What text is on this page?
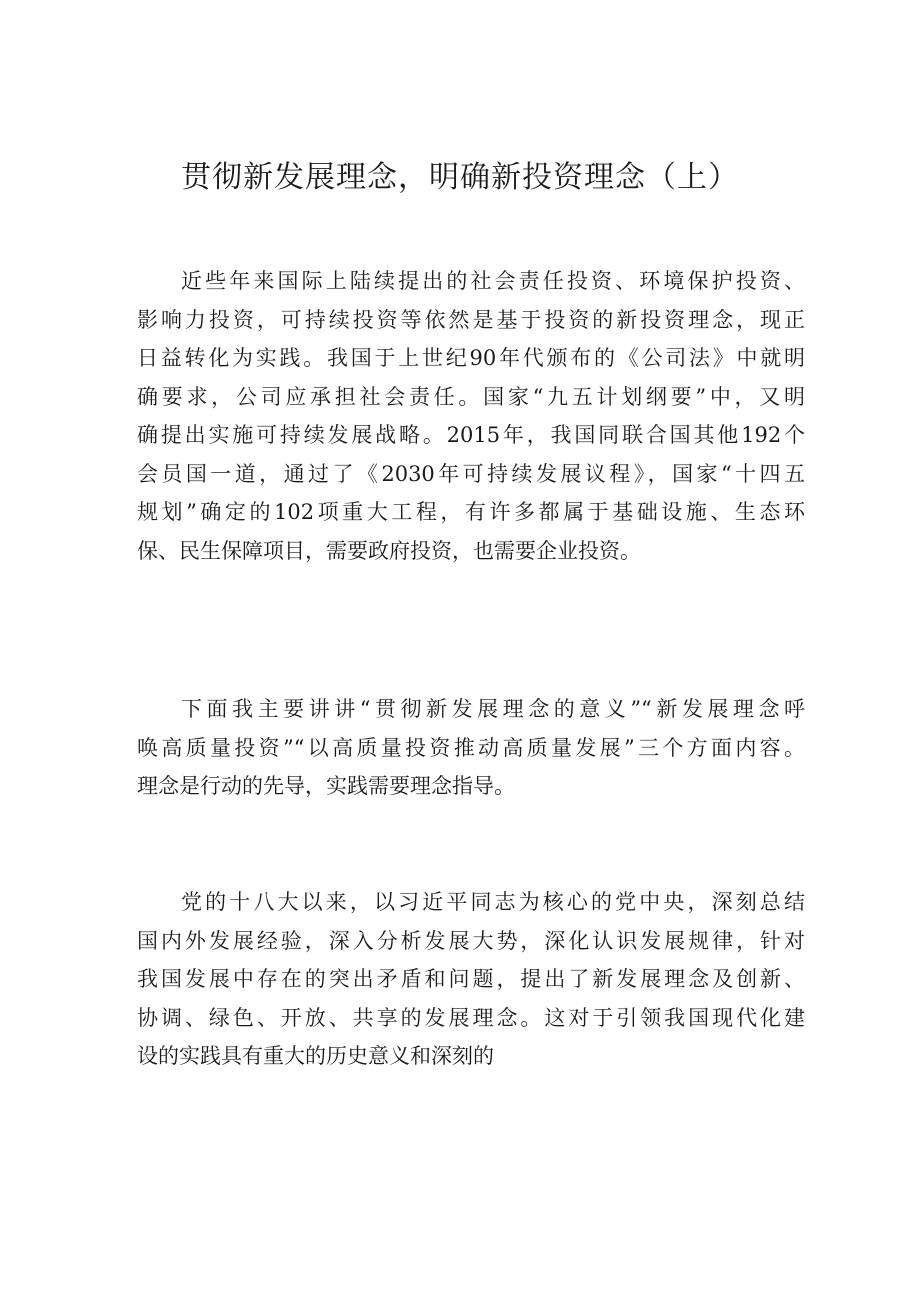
贯彻新发展理念，明确新投资理念（上）

近些年来国际上陆续提出的社会责任投资、环境保护投资、
影响力投资，可持续投资等依然是基于投资的新投资理念，现正
日益转化为实践。我国于上世纪90年代颁布的《公司法》中就明
确要求，公司应承担社会责任。国家“九五计划纲要”中，又明
确提出实施可持续发展战略。2015年，我国同联合国其他192个
会员国一道，通过了《2030年可持续发展议程》，国家“十四五
规划”确定的102项重大工程，有许多都属于基础设施、生态环
保、民生保障项目，需要政府投资，也需要企业投资。

下面我主要讲讲“贯彻新发展理念的意义”“新发展理念呼
唤高质量投资”“以高质量投资推动高质量发展”三个方面内容。
理念是行动的先导，实践需要理念指导。

党的十八大以来，以习近平同志为核心的党中央，深刻总结
国内外发展经验，深入分析发展大势，深化认识发展规律，针对
我国发展中存在的突出矛盾和问题，提出了新发展理念及创新、
协调、绿色、开放、共享的发展理念。这对于引领我国现代化建
设的实践具有重大的历史意义和深刻的
